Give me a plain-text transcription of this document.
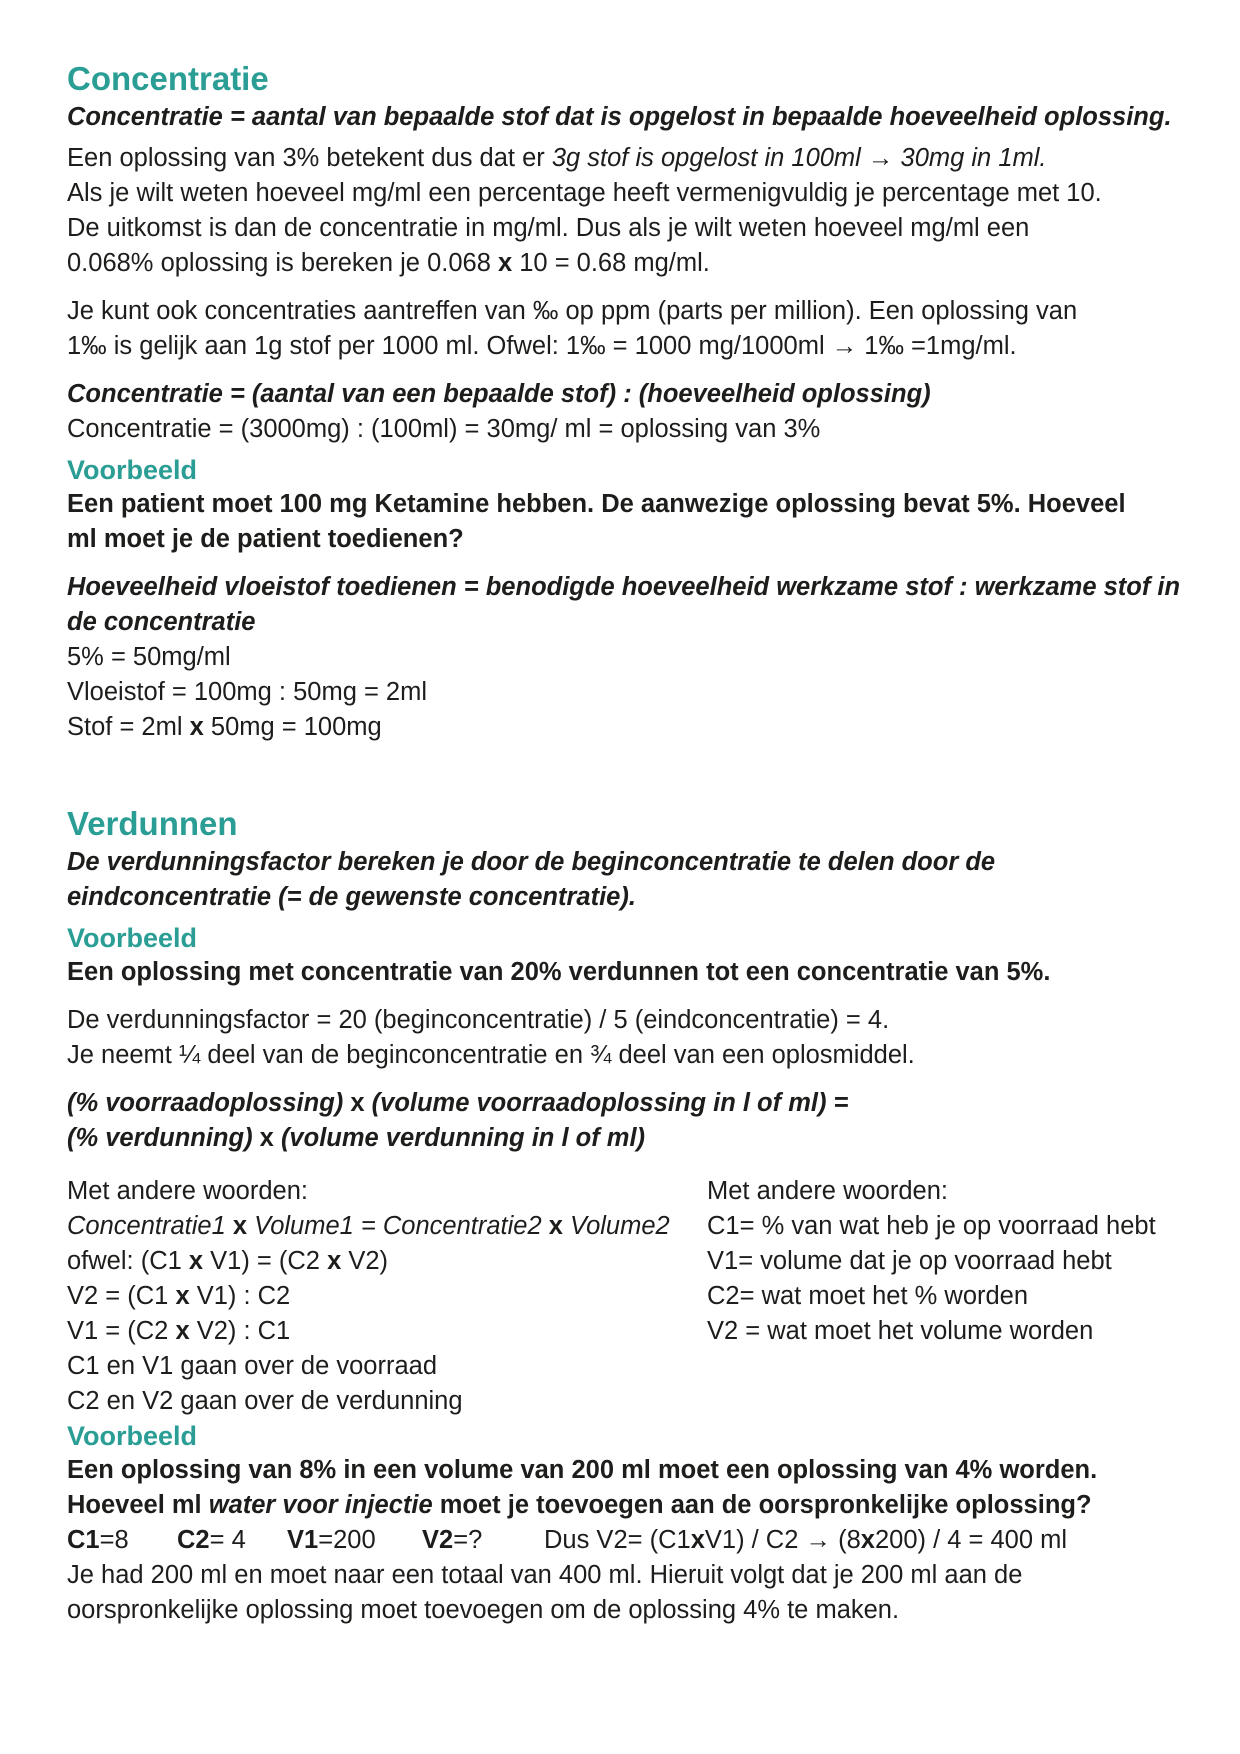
Concentratie

Concentratie = aantal van bepaalde stof dat is opgelost in bepaalde hoeveelheid oplossing.

Een oplossing van 3% betekent dus dat er 3g stof is opgelost in 100ml → 30mg in 1ml.
Als je wilt weten hoeveel mg/ml een percentage heeft vermenigvuldig je percentage met 10.
De uitkomst is dan de concentratie in mg/ml. Dus als je wilt weten hoeveel mg/ml een
0.068% oplossing is bereken je 0.068 x 10 = 0.68 mg/ml.

Je kunt ook concentraties aantreffen van ‰ op ppm (parts per million). Een oplossing van
1‰ is gelijk aan 1g stof per 1000 ml. Ofwel: 1‰ = 1000 mg/1000ml → 1‰ =1mg/ml.

Concentratie = (aantal van een bepaalde stof) : (hoeveelheid oplossing)

Concentratie = (3000mg) : (100ml) = 30mg/ ml = oplossing van 3%

Voorbeeld

Een patient moet 100 mg Ketamine hebben. De aanwezige oplossing bevat 5%. Hoeveel
ml moet je de patient toedienen?

Hoeveelheid vloeistof toedienen = benodigde hoeveelheid werkzame stof : werkzame stof in
de concentratie

5% = 50mg/ml
Vloeistof = 100mg : 50mg = 2ml
Stof = 2ml x 50mg = 100mg

Verdunnen

De verdunningsfactor bereken je door de beginconcentratie te delen door de
eindconcentratie (= de gewenste concentratie).

Voorbeeld

Een oplossing met concentratie van 20% verdunnen tot een concentratie van 5%.

De verdunningsfactor = 20 (beginconcentratie) / 5 (eindconcentratie) = 4.
Je neemt ¼ deel van de beginconcentratie en ¾ deel van een oplosmiddel.

(% voorraadoplossing) x (volume voorraadoplossing in l of ml) =
(% verdunning) x (volume verdunning in l of ml)

Met andere woorden:

Concentratie1 x Volume1 = Concentratie2 x Volume2

ofwel: (C1 x V1) = (C2 x V2)

V2 = (C1 x V1) : C2

V1 = (C2 x V2) : C1

C1 en V1 gaan over de voorraad

C2 en V2 gaan over de verdunning

Met andere woorden:

C1= % van wat heb je op voorraad hebt

V1= volume dat je op voorraad hebt

C2= wat moet het % worden

V2 = wat moet het volume worden

Voorbeeld

Een oplossing van 8% in een volume van 200 ml moet een oplossing van 4% worden.
Hoeveel ml water voor injectie moet je toevoegen aan de oorspronkelijke oplossing?

C1=8 C2= 4 V1=200 V2=? Dus V2= (C1xV1) / C2 → (8x200) / 4 = 400 ml

Je had 200 ml en moet naar een totaal van 400 ml. Hieruit volgt dat je 200 ml aan de
oorspronkelijke oplossing moet toevoegen om de oplossing 4% te maken.
